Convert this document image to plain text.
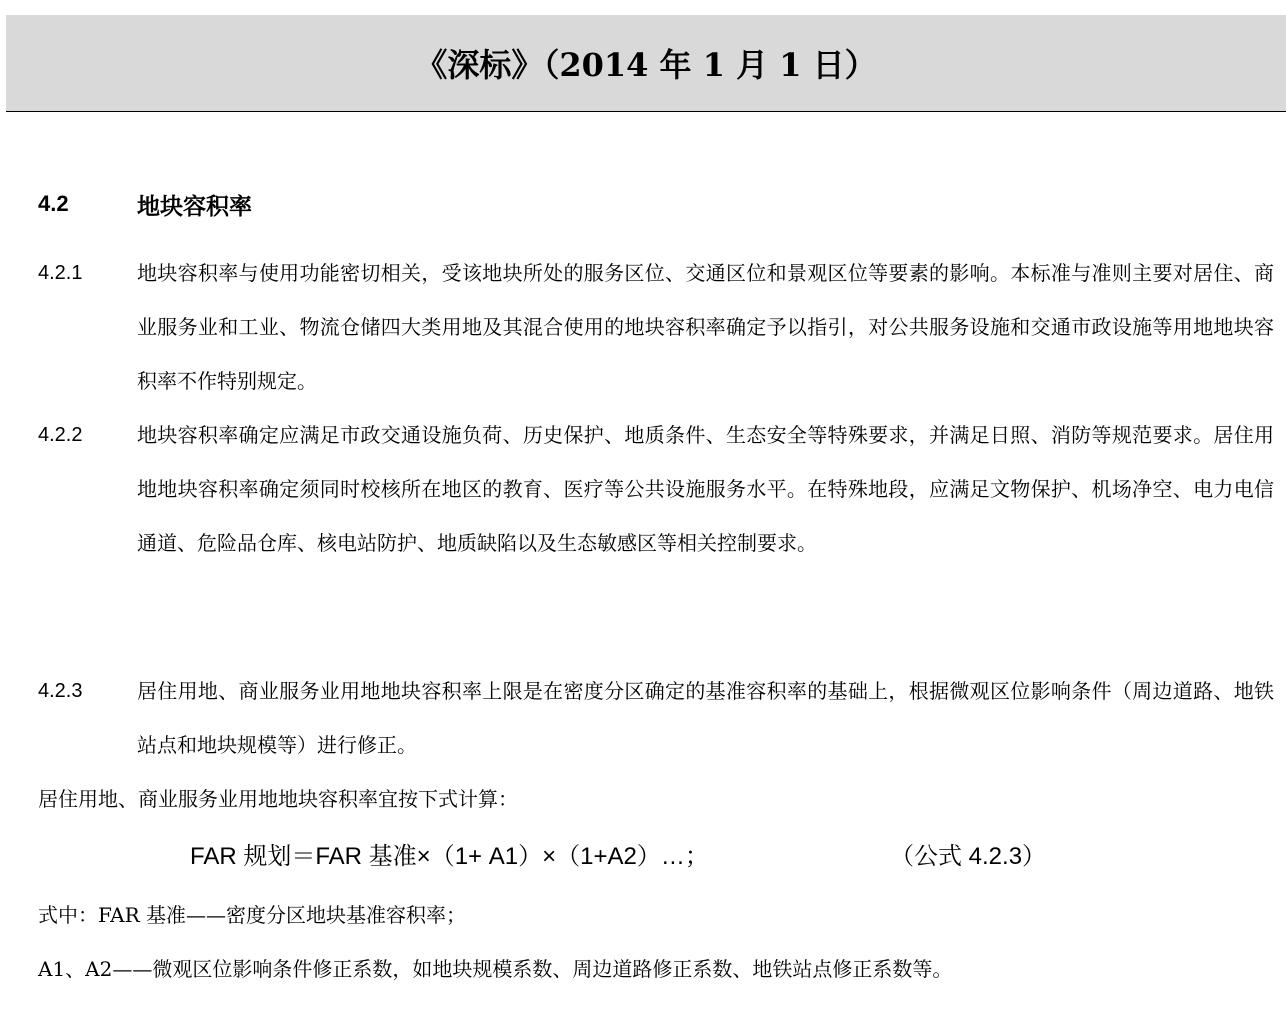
《深标》（2014 年 1 月 1 日）
4.2	地块容积率
4.2.1	地块容积率与使用功能密切相关，受该地块所处的服务区位、交通区位和景观区位等要素的影响。本标准与准则主要对居住、商业服务业和工业、物流仓储四大类用地及其混合使用的地块容积率确定予以指引，对公共服务设施和交通市政设施等用地地块容积率不作特别规定。
4.2.2	地块容积率确定应满足市政交通设施负荷、历史保护、地质条件、生态安全等特殊要求，并满足日照、消防等规范要求。居住用地地块容积率确定须同时校核所在地区的教育、医疗等公共设施服务水平。在特殊地段，应满足文物保护、机场净空、电力电信通道、危险品仓库、核电站防护、地质缺陷以及生态敏感区等相关控制要求。
4.2.3	居住用地、商业服务业用地地块容积率上限是在密度分区确定的基准容积率的基础上，根据微观区位影响条件（周边道路、地铁站点和地块规模等）进行修正。
居住用地、商业服务业用地地块容积率宜按下式计算：
FAR 规划＝FAR 基准×（1+ A1）×（1+A2）…；	（公式 4.2.3）
式中：FAR 基准——密度分区地块基准容积率；
A1、A2——微观区位影响条件修正系数，如地块规模系数、周边道路修正系数、地铁站点修正系数等。
